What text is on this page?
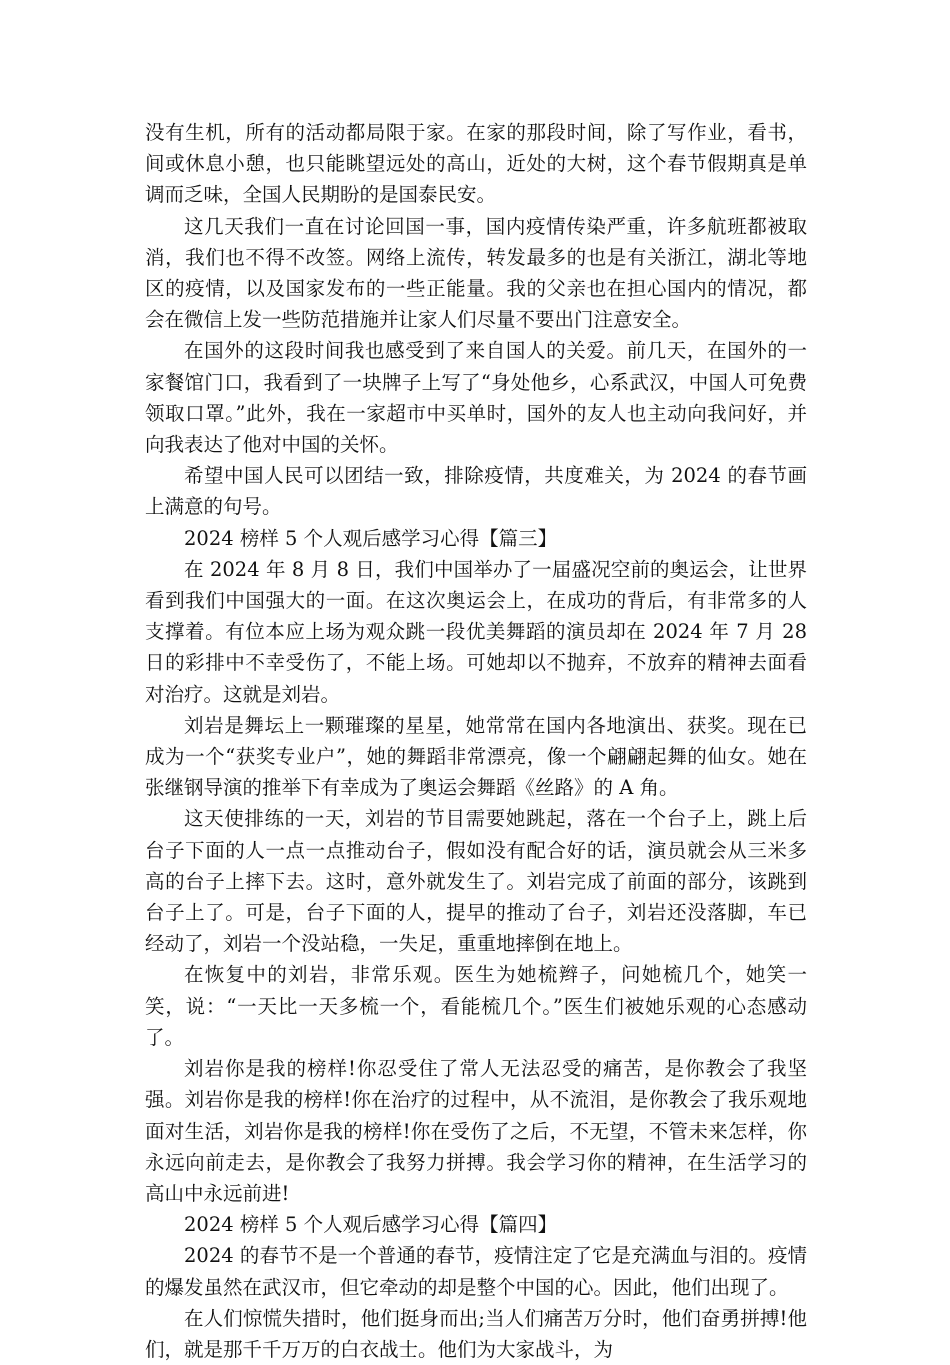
没有生机，所有的活动都局限于家。在家的那段时间，除了写作业，看书，间或休息小憩，也只能眺望远处的高山，近处的大树，这个春节假期真是单调而乏味，全国人民期盼的是国泰民安。

这几天我们一直在讨论回国一事，国内疫情传染严重，许多航班都被取消，我们也不得不改签。网络上流传，转发最多的也是有关浙江，湖北等地区的疫情，以及国家发布的一些正能量。我的父亲也在担心国内的情况，都会在微信上发一些防范措施并让家人们尽量不要出门注意安全。

在国外的这段时间我也感受到了来自国人的关爱。前几天，在国外的一家餐馆门口，我看到了一块牌子上写了“身处他乡，心系武汉，中国人可免费领取口罩。”此外，我在一家超市中买单时，国外的友人也主动向我问好，并向我表达了他对中国的关怀。

希望中国人民可以团结一致，排除疫情，共度难关，为 2024 的春节画上满意的句号。

2024 榜样 5 个人观后感学习心得【篇三】

在 2024 年 8 月 8 日，我们中国举办了一届盛况空前的奥运会，让世界看到我们中国强大的一面。在这次奥运会上，在成功的背后，有非常多的人支撑着。有位本应上场为观众跳一段优美舞蹈的演员却在 2024 年 7 月 28 日的彩排中不幸受伤了，不能上场。可她却以不抛弃，不放弃的精神去面看对治疗。这就是刘岩。

刘岩是舞坛上一颗璀璨的星星，她常常在国内各地演出、获奖。现在已成为一个“获奖专业户”，她的舞蹈非常漂亮，像一个翩翩起舞的仙女。她在张继钢导演的推举下有幸成为了奥运会舞蹈《丝路》的 A 角。

这天使排练的一天，刘岩的节目需要她跳起，落在一个台子上，跳上后台子下面的人一点一点推动台子，假如没有配合好的话，演员就会从三米多高的台子上摔下去。这时，意外就发生了。刘岩完成了前面的部分，该跳到台子上了。可是，台子下面的人，提早的推动了台子，刘岩还没落脚，车已经动了，刘岩一个没站稳，一失足，重重地摔倒在地上。

在恢复中的刘岩，非常乐观。医生为她梳辫子，问她梳几个，她笑一笑，说：“一天比一天多梳一个，看能梳几个。”医生们被她乐观的心态感动了。

刘岩你是我的榜样!你忍受住了常人无法忍受的痛苦，是你教会了我坚强。刘岩你是我的榜样!你在治疗的过程中，从不流泪，是你教会了我乐观地面对生活，刘岩你是我的榜样!你在受伤了之后，不无望，不管未来怎样，你永远向前走去，是你教会了我努力拼搏。我会学习你的精神，在生活学习的高山中永远前进!

2024 榜样 5 个人观后感学习心得【篇四】

2024 的春节不是一个普通的春节，疫情注定了它是充满血与泪的。疫情的爆发虽然在武汉市，但它牵动的却是整个中国的心。因此，他们出现了。

在人们惊慌失措时，他们挺身而出;当人们痛苦万分时，他们奋勇拼搏!他们，就是那千千万万的白衣战士。他们为大家战斗，为
